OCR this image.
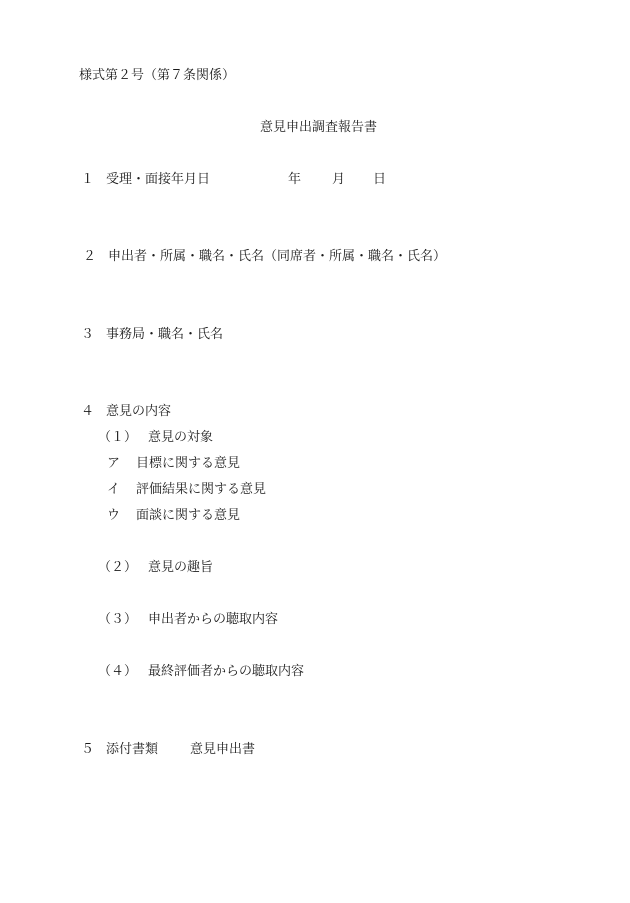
様式第２号（第７条関係）
意見申出調査報告書
１ 受理・面接年月日	年 月 日
２ 申出者・所属・職名・氏名（同席者・所属・職名・氏名）
３ 事務局・職名・氏名
４ 意見の内容
（１） 意見の対象
ア 目標に関する意見
イ 評価結果に関する意見
ウ 面談に関する意見
（２） 意見の趣旨
（３） 申出者からの聴取内容
（４） 最終評価者からの聴取内容
５ 添付書類 意見申出書
